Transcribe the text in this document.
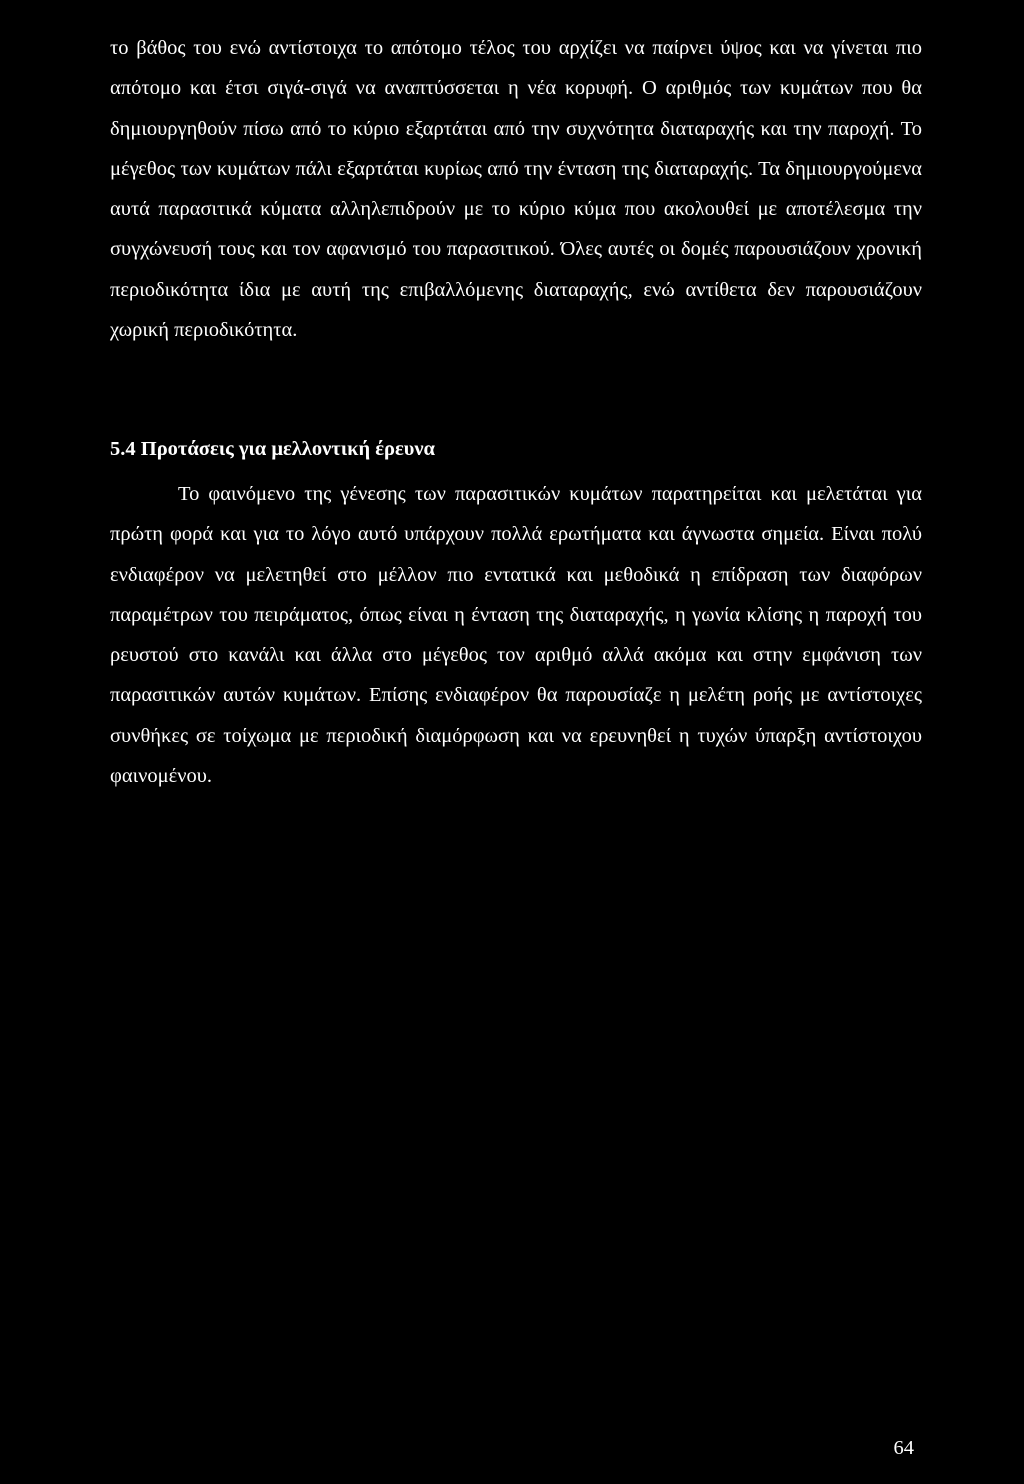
το βάθος του ενώ αντίστοιχα το απότομο τέλος του αρχίζει να παίρνει ύψος και να γίνεται πιο απότομο και έτσι σιγά-σιγά να αναπτύσσεται η νέα κορυφή. Ο αριθμός των κυμάτων που θα δημιουργηθούν πίσω από το κύριο εξαρτάται από την συχνότητα διαταραχής και την παροχή. Το μέγεθος των κυμάτων πάλι εξαρτάται κυρίως από την ένταση της διαταραχής. Τα δημιουργούμενα αυτά παρασιτικά κύματα αλληλεπιδρούν με το κύριο κύμα που ακολουθεί με αποτέλεσμα την συγχώνευσή τους και τον αφανισμό του παρασιτικού. Όλες αυτές οι δομές παρουσιάζουν χρονική περιοδικότητα ίδια με αυτή της επιβαλλόμενης διαταραχής, ενώ αντίθετα δεν παρουσιάζουν χωρική περιοδικότητα.

5.4 Προτάσεις για μελλοντική έρευνα

Το φαινόμενο της γένεσης των παρασιτικών κυμάτων παρατηρείται και μελετάται για πρώτη φορά και για το λόγο αυτό υπάρχουν πολλά ερωτήματα και άγνωστα σημεία. Είναι πολύ ενδιαφέρον να μελετηθεί στο μέλλον πιο εντατικά και μεθοδικά η επίδραση των διαφόρων παραμέτρων του πειράματος, όπως είναι η ένταση της διαταραχής, η γωνία κλίσης η παροχή του ρευστού στο κανάλι και άλλα στο μέγεθος τον αριθμό αλλά ακόμα και στην εμφάνιση των παρασιτικών αυτών κυμάτων. Επίσης ενδιαφέρον θα παρουσίαζε η μελέτη ροής με αντίστοιχες συνθήκες σε τοίχωμα με περιοδική διαμόρφωση και να ερευνηθεί η τυχών ύπαρξη αντίστοιχου φαινομένου.

64
